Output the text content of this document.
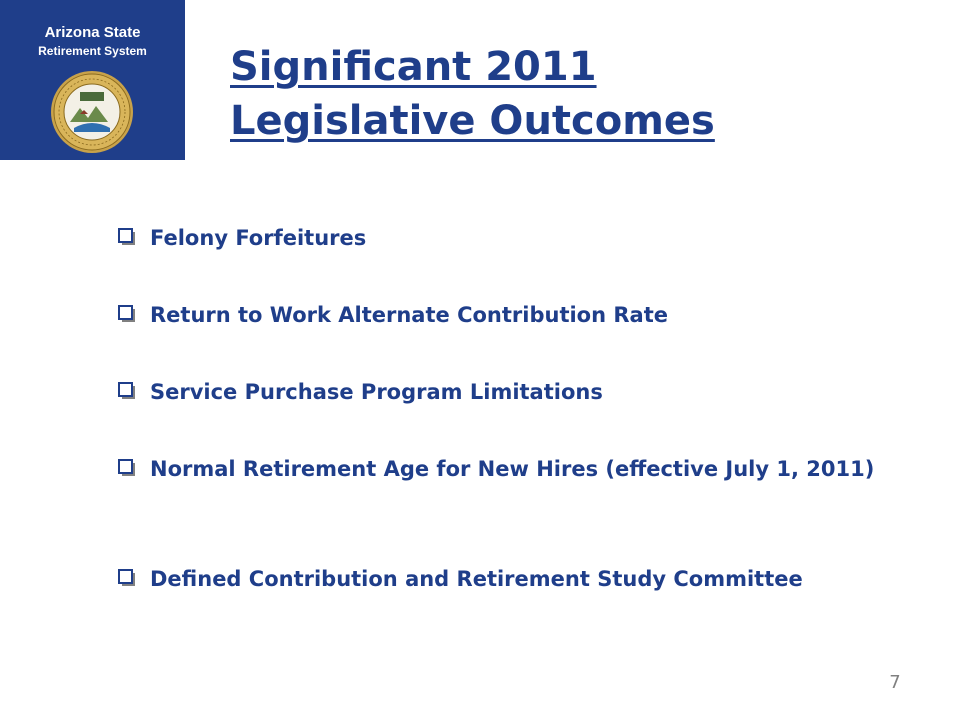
Arizona State
Retirement System	Significant 2011
Legislative Outcomes
Felony Forfeitures
Return to Work Alternate Contribution Rate
Service Purchase Program Limitations
Normal Retirement Age for New Hires (effective July 1, 2011)
Defined Contribution and Retirement Study Committee
7
